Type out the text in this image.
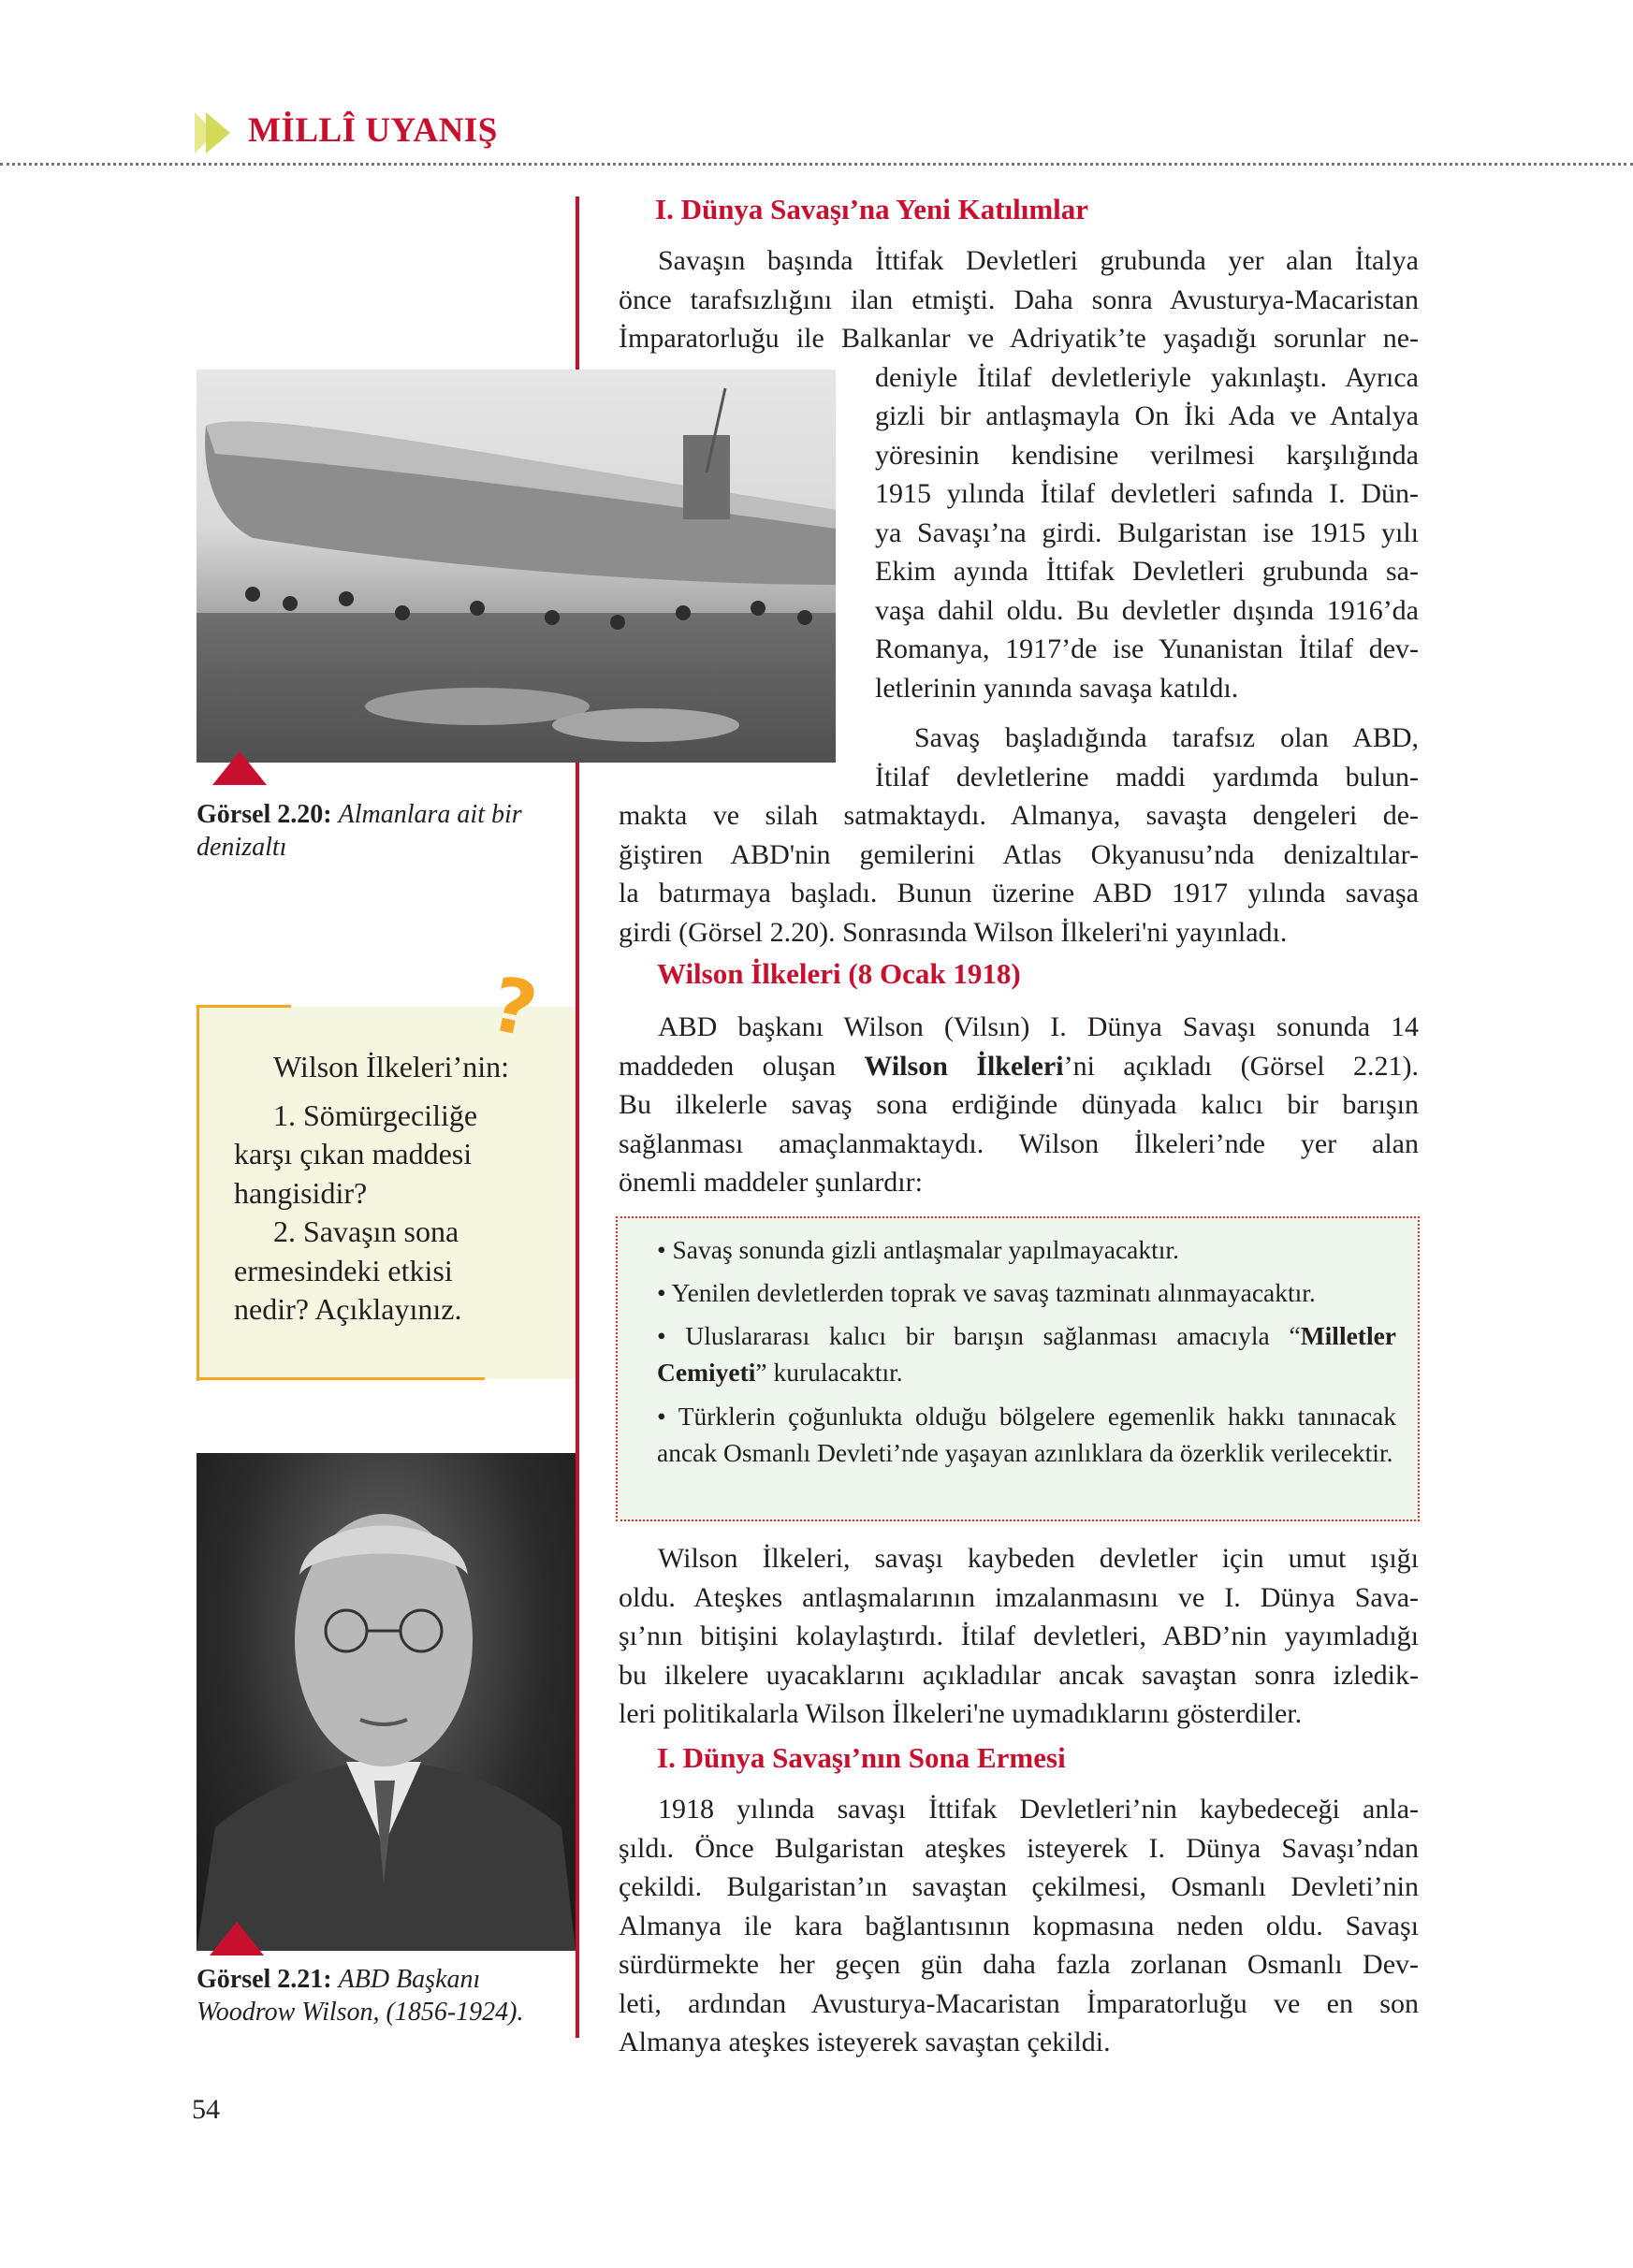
MİLLÎ UYANIŞ
I. Dünya Savaşı’na Yeni Katılımlar
Savaşın başında İttifak Devletleri grubunda yer alan İtalya
önce tarafsızlığını ilan etmişti. Daha sonra Avusturya-Macaristan
İmparatorluğu ile Balkanlar ve Adriyatik’te yaşadığı sorunlar ne-
deniyle İtilaf devletleriyle yakınlaştı. Ayrıca
gizli bir antlaşmayla On İki Ada ve Antalya
yöresinin kendisine verilmesi karşılığında
1915 yılında İtilaf devletleri safında I. Dün-
ya Savaşı’na girdi. Bulgaristan ise 1915 yılı
Ekim ayında İttifak Devletleri grubunda sa-
vaşa dahil oldu. Bu devletler dışında 1916’da
Romanya, 1917’de ise Yunanistan İtilaf dev-
letlerinin yanında savaşa katıldı.
Savaş başladığında tarafsız olan ABD,
İtilaf devletlerine maddi yardımda bulun-
makta ve silah satmaktaydı. Almanya, savaşta dengeleri de-
ğiştiren ABD'nin gemilerini Atlas Okyanusu’nda denizaltılar-
la batırmaya başladı. Bunun üzerine ABD 1917 yılında savaşa
girdi (Görsel 2.20). Sonrasında Wilson İlkeleri'ni yayınladı.
Wilson İlkeleri (8 Ocak 1918)
ABD başkanı Wilson (Vilsın) I. Dünya Savaşı sonunda 14
maddeden oluşan Wilson İlkeleri’ni açıkladı (Görsel 2.21).
Bu ilkelerle savaş sona erdiğinde dünyada kalıcı bir barışın
sağlanması amaçlanmaktaydı. Wilson İlkeleri’nde yer alan
önemli maddeler şunlardır:
• Savaş sonunda gizli antlaşmalar yapılmayacaktır.
• Yenilen devletlerden toprak ve savaş tazminatı alınmayacaktır.
• Uluslararası kalıcı bir barışın sağlanması amacıyla “Milletler Cemiyeti” kurulacaktır.
• Türklerin çoğunlukta olduğu bölgelere egemenlik hakkı tanınacak ancak Osmanlı Devleti’nde yaşayan azınlıklara da özerklik verilecektir.
Wilson İlkeleri, savaşı kaybeden devletler için umut ışığı
oldu. Ateşkes antlaşmalarının imzalanmasını ve I. Dünya Sava-
şı’nın bitişini kolaylaştırdı. İtilaf devletleri, ABD’nin yayımladığı
bu ilkelere uyacaklarını açıkladılar ancak savaştan sonra izledik-
leri politikalarla Wilson İlkeleri'ne uymadıklarını gösterdiler.
I. Dünya Savaşı’nın Sona Ermesi
1918 yılında savaşı İttifak Devletleri’nin kaybedeceği anla-
şıldı. Önce Bulgaristan ateşkes isteyerek I. Dünya Savaşı’ndan
çekildi. Bulgaristan’ın savaştan çekilmesi, Osmanlı Devleti’nin
Almanya ile kara bağlantısının kopmasına neden oldu. Savaşı
sürdürmekte her geçen gün daha fazla zorlanan Osmanlı Dev-
leti, ardından Avusturya-Macaristan İmparatorluğu ve en son
Almanya ateşkes isteyerek savaştan çekildi.
Görsel 2.20: Almanlara ait bir denizaltı
?
Wilson İlkeleri’nin:
1. Sömürgeciliğe
karşı çıkan maddesi
hangisidir?
2. Savaşın sona
ermesindeki etkisi
nedir? Açıklayınız.
Görsel 2.21: ABD Başkanı Woodrow Wilson, (1856-1924).
54
